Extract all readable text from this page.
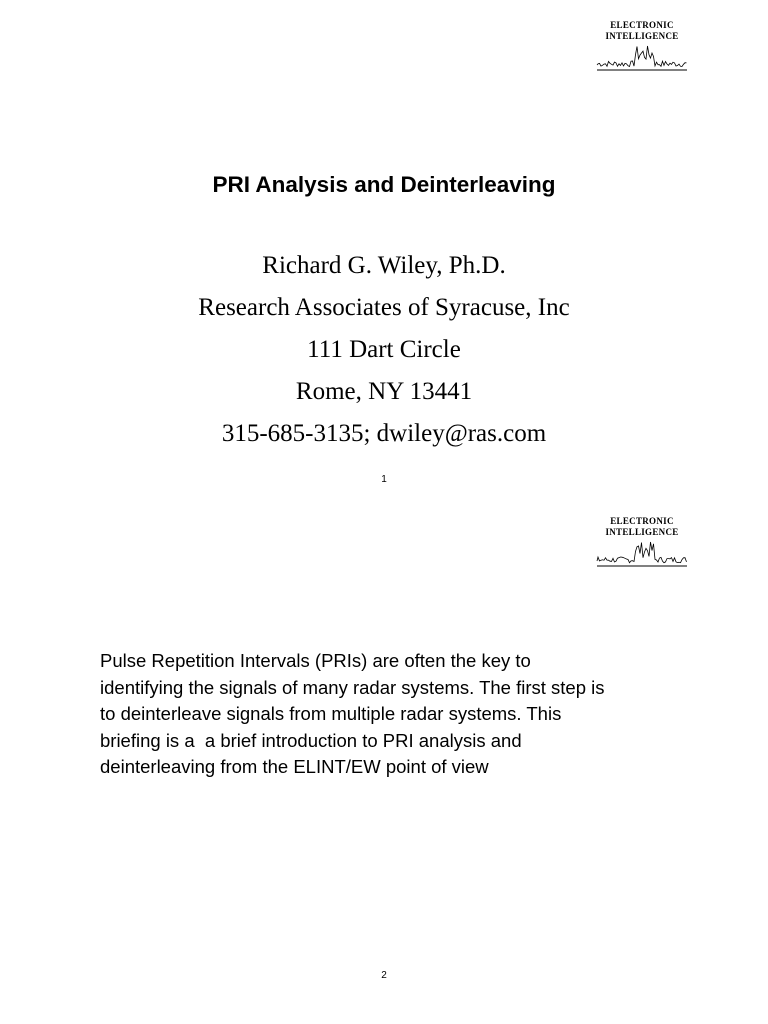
ELECTRONIC
INTELLIGENCE
PRI Analysis and Deinterleaving
Richard G. Wiley, Ph.D.
Research Associates of Syracuse, Inc
111 Dart Circle
Rome, NY 13441
315-685-3135; dwiley@ras.com
1
ELECTRONIC
INTELLIGENCE
Pulse Repetition Intervals (PRIs) are often the key to
identifying the signals of many radar systems. The first step is
to deinterleave signals from multiple radar systems. This
briefing is a  a brief introduction to PRI analysis and
deinterleaving from the ELINT/EW point of view
2
